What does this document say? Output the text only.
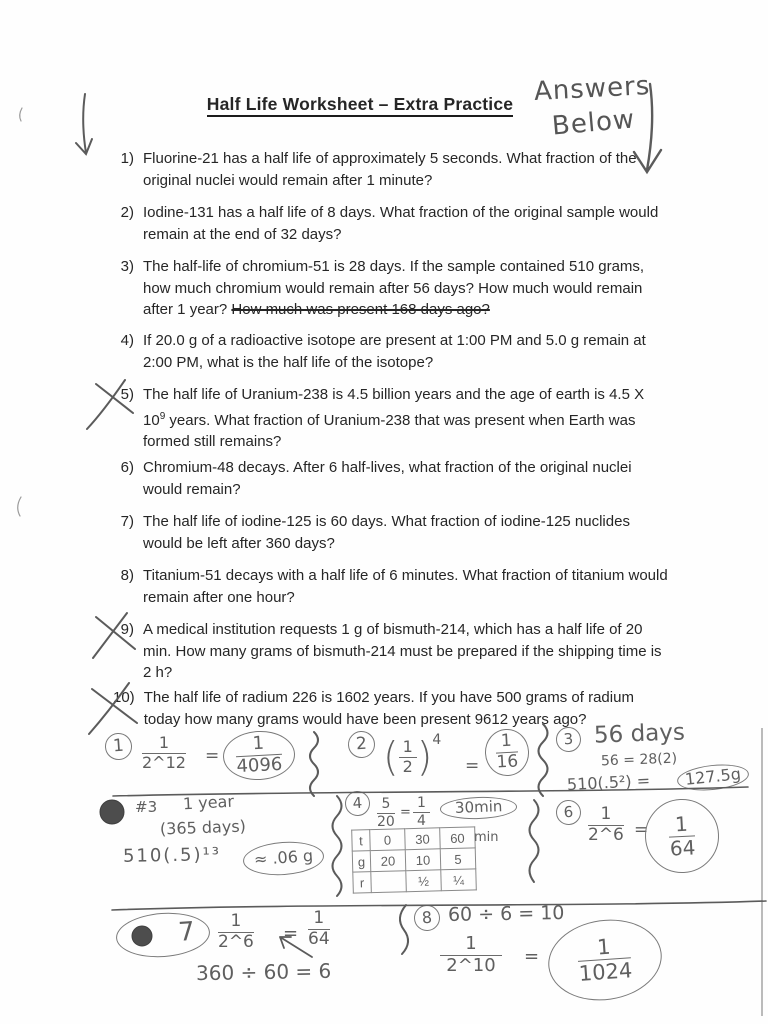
Half Life Worksheet – Extra Practice Answers
Below
1) Fluorine-21 has a half life of approximately 5 seconds. What fraction of the original nuclei would remain after 1 minute?
2) Iodine-131 has a half life of 8 days. What fraction of the original sample would remain at the end of 32 days?
3) The half-life of chromium-51 is 28 days. If the sample contained 510 grams, how much chromium would remain after 56 days? How much would remain after 1 year? How much was present 168 days ago?
4) If 20.0 g of a radioactive isotope are present at 1:00 PM and 5.0 g remain at 2:00 PM, what is the half life of the isotope?
5) The half life of Uranium-238 is 4.5 billion years and the age of earth is 4.5 X $10^9$ years. What fraction of Uranium-238 that was present when Earth was formed still remains?
6) Chromium-48 decays. After 6 half-lives, what fraction of the original nuclei would remain?
7) The half life of iodine-125 is 60 days. What fraction of iodine-125 nuclides would be left after 360 days?
8) Titanium-51 decays with a half life of 6 minutes. What fraction of titanium would remain after one hour?
9) A medical institution requests 1 g of bismuth-214, which has a half life of 20 min. How many grams of bismuth-214 must be prepared if the shipping time is 2 h?
10) The half life of radium 226 is 1602 years. If you have 500 grams of radium today how many grams would have been present 9612 years ago?
1	$\frac{1}{2\^{}12} = \frac{1}{4096}$	2 ( $\frac{1}{2} )4$
= $\frac{1}{16}$	3 56 days
56 = 28(2)
510(.5²) =	127.5g
#3 1 year
(365 days)
510(.5)¹³	≈ .06 g
4	$\frac{5}{20} = \frac{1}{4}$	30min
t	0	30	60
g	20	10	5
r		½	¼
min
$6 \frac{1}{2\^{}6} = \frac{1}{64}$
$7 \frac{1}{2\^{}6} = \frac{1}{64}$
360 ÷ 60 = 6
8 60 ÷ 6 = 10
$\frac{1}{2\^{}10} = \frac{1}{1024}$
